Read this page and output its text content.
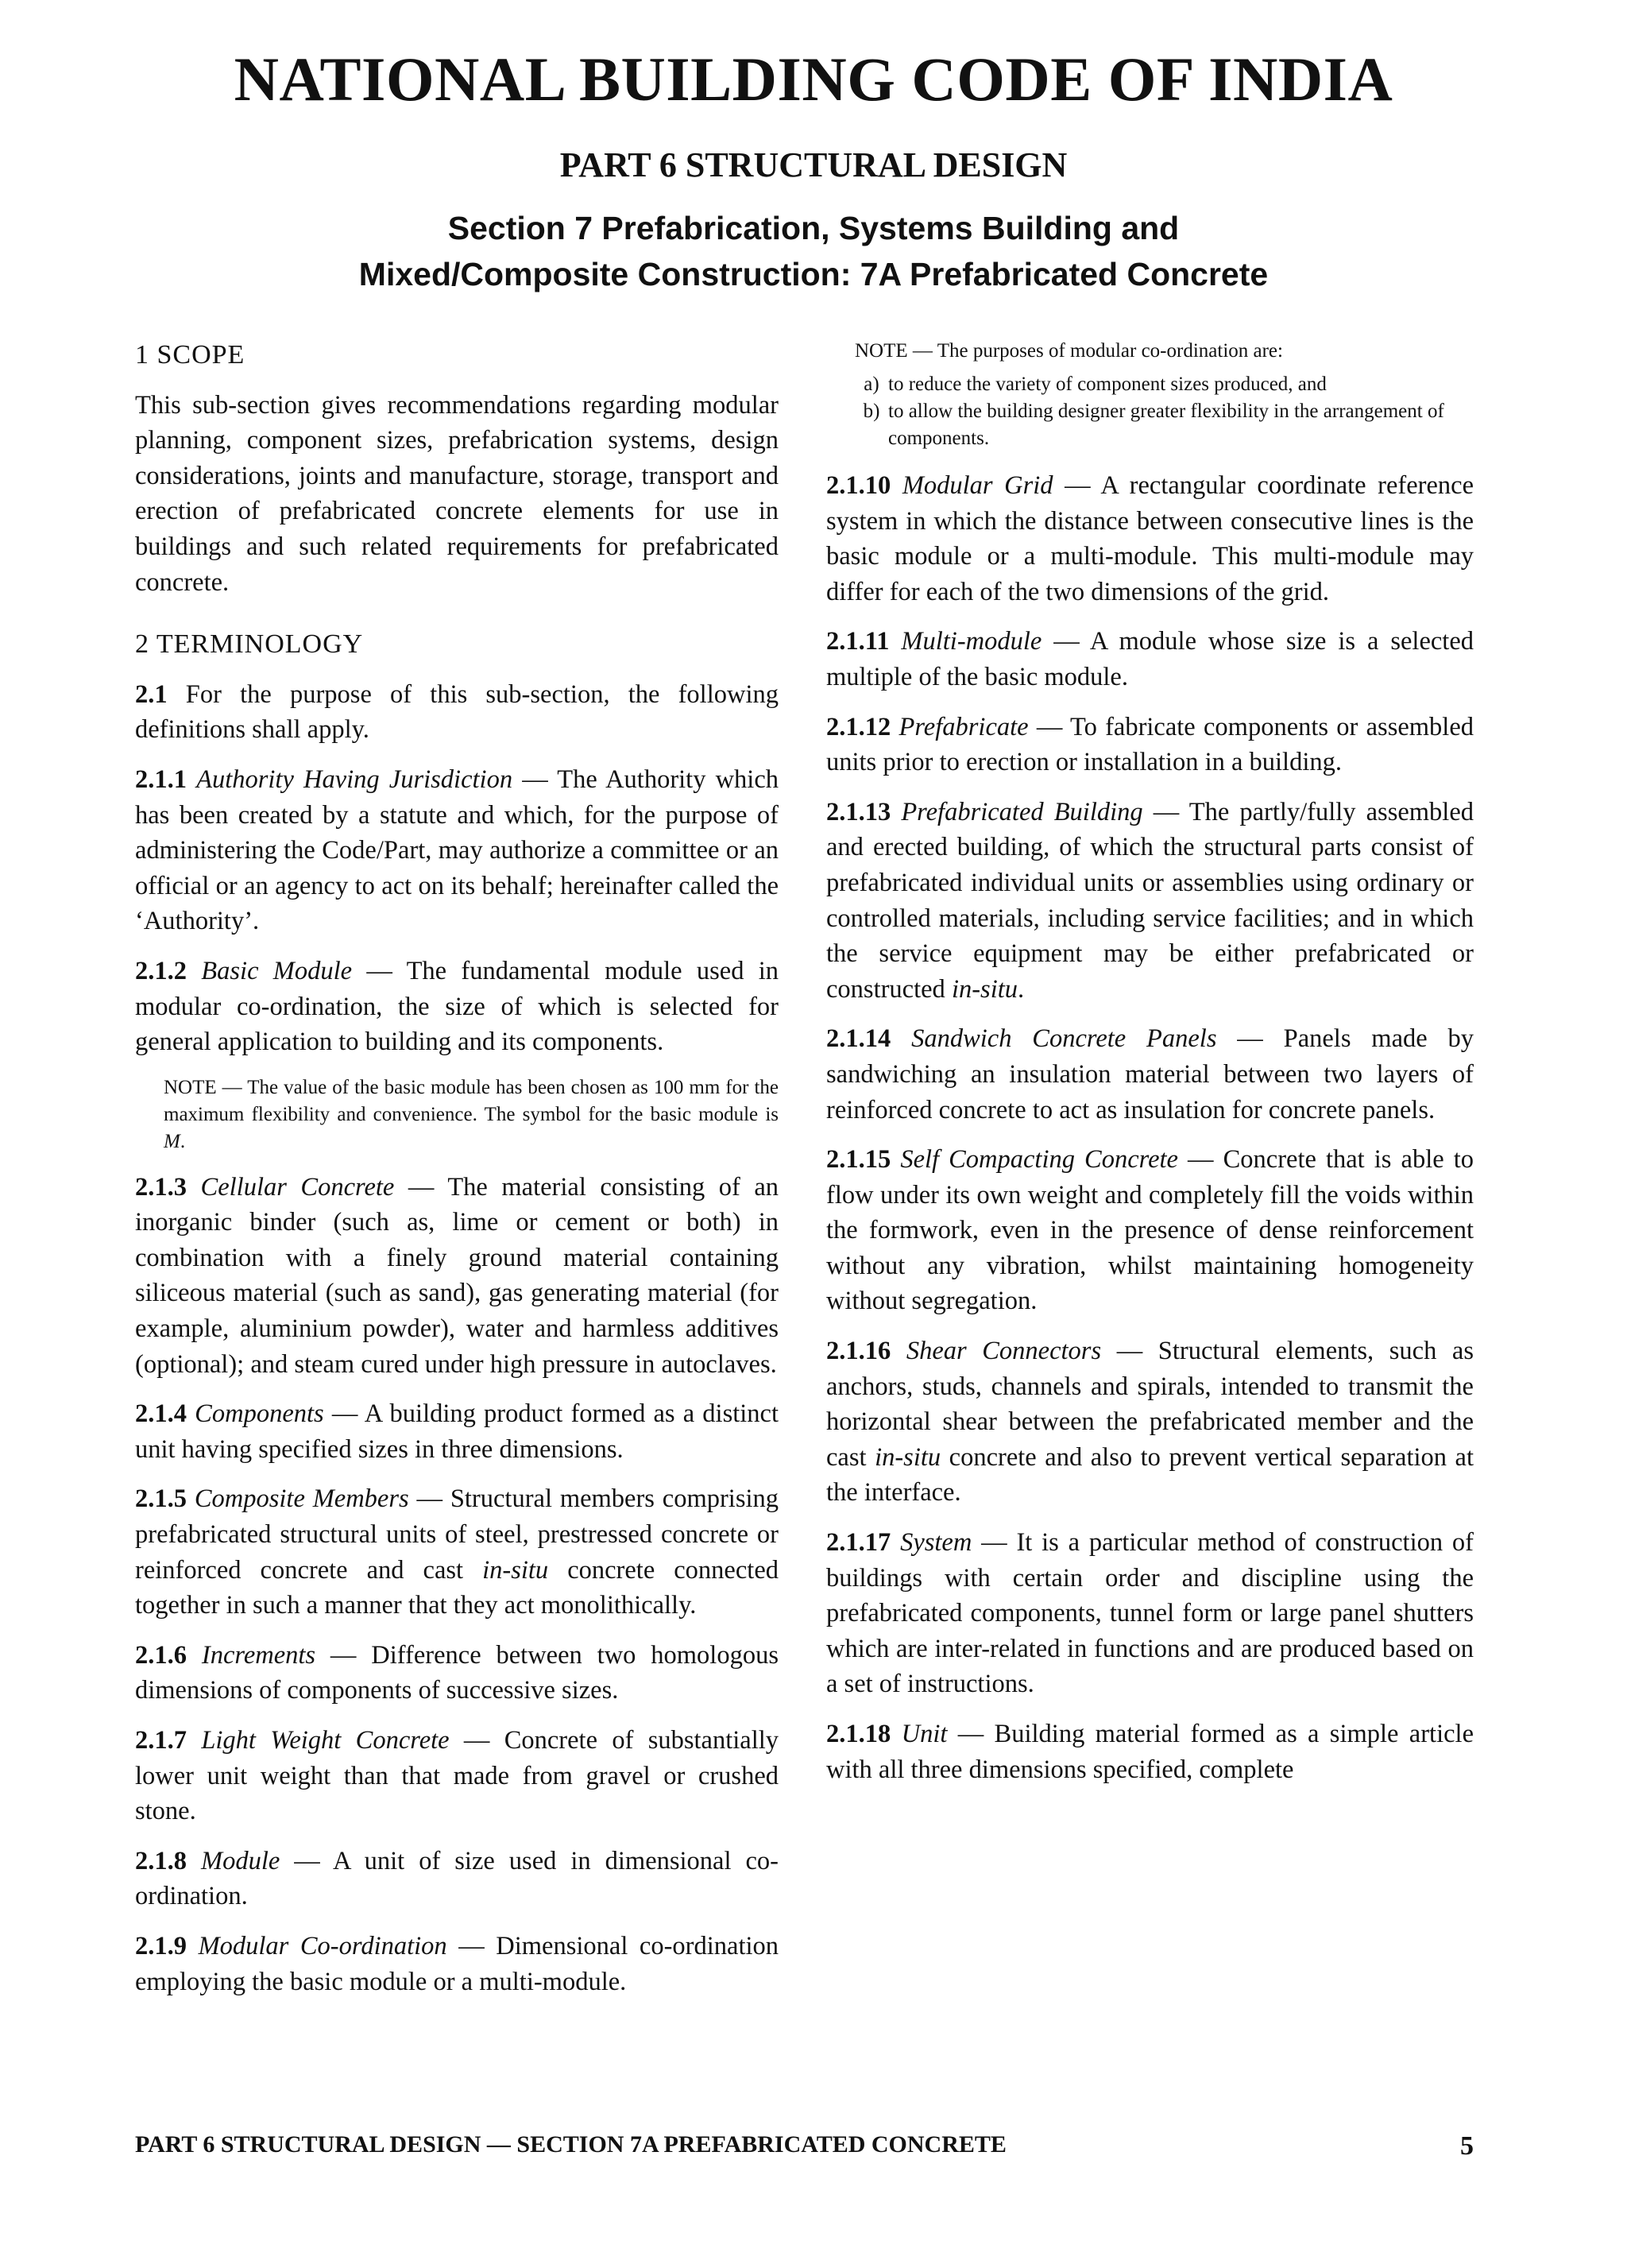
NATIONAL BUILDING CODE OF INDIA
PART 6 STRUCTURAL DESIGN
Section 7 Prefabrication, Systems Building and
Mixed/Composite Construction: 7A Prefabricated Concrete
1 SCOPE

This sub-section gives recommendations regarding modular planning, component sizes, prefabrication systems, design considerations, joints and manufacture, storage, transport and erection of prefabricated concrete elements for use in buildings and such related requirements for prefabricated concrete.

2 TERMINOLOGY

2.1 For the purpose of this sub-section, the following definitions shall apply.

2.1.1 Authority Having Jurisdiction — The Authority which has been created by a statute and which, for the purpose of administering the Code/Part, may authorize a committee or an official or an agency to act on its behalf; hereinafter called the ‘Authority’.

2.1.2 Basic Module — The fundamental module used in modular co-ordination, the size of which is selected for general application to building and its components.

NOTE — The value of the basic module has been chosen as 100 mm for the maximum flexibility and convenience. The symbol for the basic module is M.

2.1.3 Cellular Concrete — The material consisting of an inorganic binder (such as, lime or cement or both) in combination with a finely ground material containing siliceous material (such as sand), gas generating material (for example, aluminium powder), water and harmless additives (optional); and steam cured under high pressure in autoclaves.

2.1.4 Components — A building product formed as a distinct unit having specified sizes in three dimensions.

2.1.5 Composite Members — Structural members comprising prefabricated structural units of steel, prestressed concrete or reinforced concrete and cast in-situ concrete connected together in such a manner that they act monolithically.

2.1.6 Increments — Difference between two homologous dimensions of components of successive sizes.

2.1.7 Light Weight Concrete — Concrete of substantially lower unit weight than that made from gravel or crushed stone.

2.1.8 Module — A unit of size used in dimensional co-ordination.

2.1.9 Modular Co-ordination — Dimensional co-ordination employing the basic module or a multi-module.

NOTE — The purposes of modular co-ordination are:
a) to reduce the variety of component sizes produced, and
b) to allow the building designer greater flexibility in the arrangement of components.

2.1.10 Modular Grid — A rectangular coordinate reference system in which the distance between consecutive lines is the basic module or a multi-module. This multi-module may differ for each of the two dimensions of the grid.

2.1.11 Multi-module — A module whose size is a selected multiple of the basic module.

2.1.12 Prefabricate — To fabricate components or assembled units prior to erection or installation in a building.

2.1.13 Prefabricated Building — The partly/fully assembled and erected building, of which the structural parts consist of prefabricated individual units or assemblies using ordinary or controlled materials, including service facilities; and in which the service equipment may be either prefabricated or constructed in-situ.

2.1.14 Sandwich Concrete Panels — Panels made by sandwiching an insulation material between two layers of reinforced concrete to act as insulation for concrete panels.

2.1.15 Self Compacting Concrete — Concrete that is able to flow under its own weight and completely fill the voids within the formwork, even in the presence of dense reinforcement without any vibration, whilst maintaining homogeneity without segregation.

2.1.16 Shear Connectors — Structural elements, such as anchors, studs, channels and spirals, intended to transmit the horizontal shear between the prefabricated member and the cast in-situ concrete and also to prevent vertical separation at the interface.

2.1.17 System — It is a particular method of construction of buildings with certain order and discipline using the prefabricated components, tunnel form or large panel shutters which are inter-related in functions and are produced based on a set of instructions.

2.1.18 Unit — Building material formed as a simple article with all three dimensions specified, complete

PART 6 STRUCTURAL DESIGN — SECTION 7A PREFABRICATED CONCRETE	5
